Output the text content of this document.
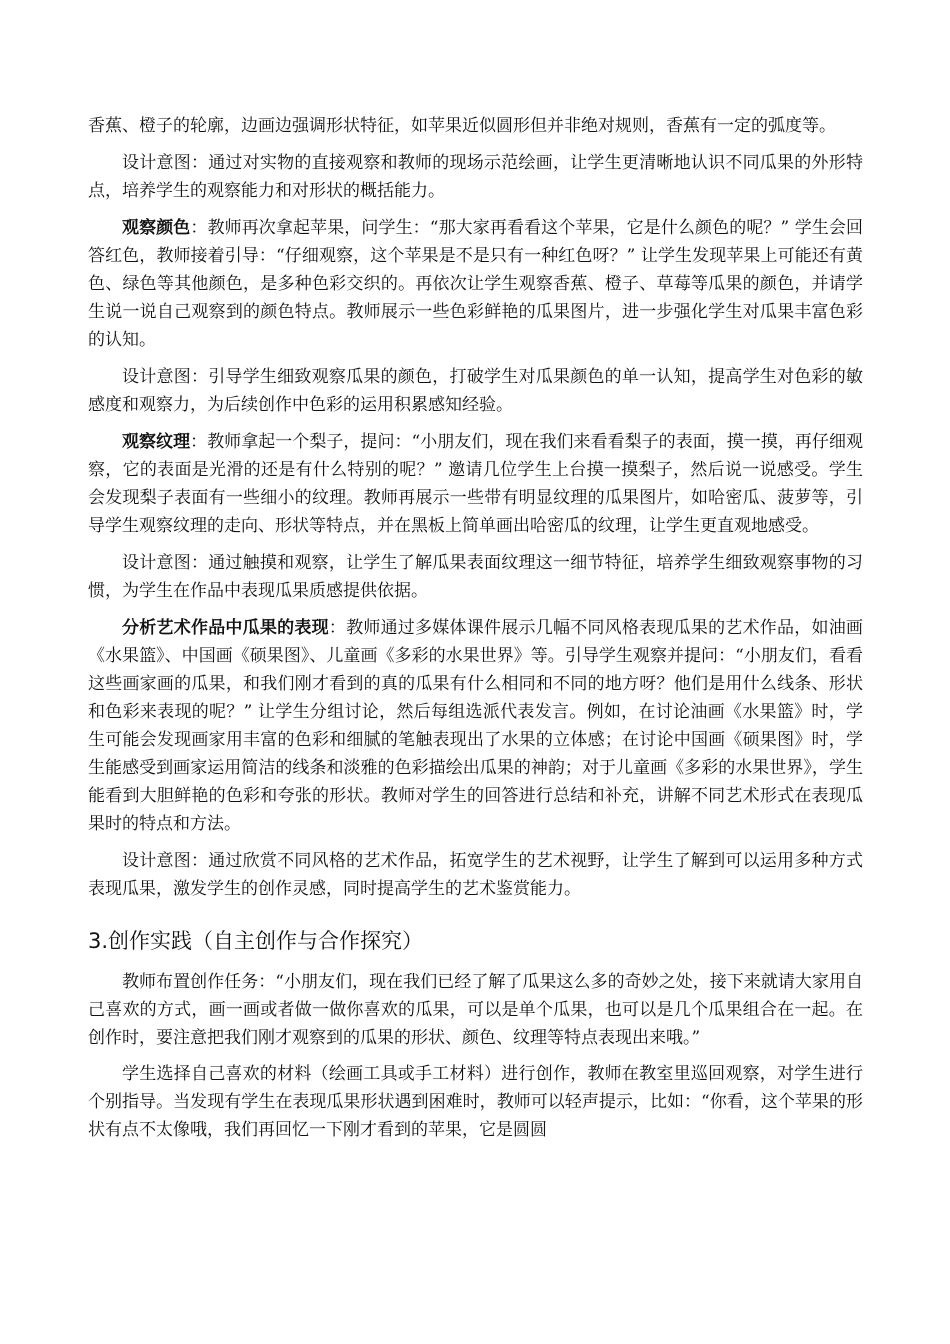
香蕉、橙子的轮廓，边画边强调形状特征，如苹果近似圆形但并非绝对规则，香蕉有一定的弧度等。

设计意图：通过对实物的直接观察和教师的现场示范绘画，让学生更清晰地认识不同瓜果的外形特点，培养学生的观察能力和对形状的概括能力。

观察颜色：教师再次拿起苹果，问学生：“那大家再看看这个苹果，它是什么颜色的呢？” 学生会回答红色，教师接着引导：“仔细观察，这个苹果是不是只有一种红色呀？” 让学生发现苹果上可能还有黄色、绿色等其他颜色，是多种色彩交织的。再依次让学生观察香蕉、橙子、草莓等瓜果的颜色，并请学生说一说自己观察到的颜色特点。教师展示一些色彩鲜艳的瓜果图片，进一步强化学生对瓜果丰富色彩的认知。

设计意图：引导学生细致观察瓜果的颜色，打破学生对瓜果颜色的单一认知，提高学生对色彩的敏感度和观察力，为后续创作中色彩的运用积累感知经验。

观察纹理：教师拿起一个梨子，提问：“小朋友们，现在我们来看看梨子的表面，摸一摸，再仔细观察，它的表面是光滑的还是有什么特别的呢？” 邀请几位学生上台摸一摸梨子，然后说一说感受。学生会发现梨子表面有一些细小的纹理。教师再展示一些带有明显纹理的瓜果图片，如哈密瓜、菠萝等，引导学生观察纹理的走向、形状等特点，并在黑板上简单画出哈密瓜的纹理，让学生更直观地感受。

设计意图：通过触摸和观察，让学生了解瓜果表面纹理这一细节特征，培养学生细致观察事物的习惯，为学生在作品中表现瓜果质感提供依据。

分析艺术作品中瓜果的表现：教师通过多媒体课件展示几幅不同风格表现瓜果的艺术作品，如油画《水果篮》、中国画《硕果图》、儿童画《多彩的水果世界》等。引导学生观察并提问：“小朋友们，看看这些画家画的瓜果，和我们刚才看到的真的瓜果有什么相同和不同的地方呀？他们是用什么线条、形状和色彩来表现的呢？” 让学生分组讨论，然后每组选派代表发言。例如，在讨论油画《水果篮》时，学生可能会发现画家用丰富的色彩和细腻的笔触表现出了水果的立体感；在讨论中国画《硕果图》时，学生能感受到画家运用简洁的线条和淡雅的色彩描绘出瓜果的神韵；对于儿童画《多彩的水果世界》，学生能看到大胆鲜艳的色彩和夸张的形状。教师对学生的回答进行总结和补充，讲解不同艺术形式在表现瓜果时的特点和方法。

设计意图：通过欣赏不同风格的艺术作品，拓宽学生的艺术视野，让学生了解到可以运用多种方式表现瓜果，激发学生的创作灵感，同时提高学生的艺术鉴赏能力。

3.创作实践（自主创作与合作探究）

教师布置创作任务：“小朋友们，现在我们已经了解了瓜果这么多的奇妙之处，接下来就请大家用自己喜欢的方式，画一画或者做一做你喜欢的瓜果，可以是单个瓜果，也可以是几个瓜果组合在一起。在创作时，要注意把我们刚才观察到的瓜果的形状、颜色、纹理等特点表现出来哦。”

学生选择自己喜欢的材料（绘画工具或手工材料）进行创作，教师在教室里巡回观察，对学生进行个别指导。当发现有学生在表现瓜果形状遇到困难时，教师可以轻声提示，比如：“你看，这个苹果的形状有点不太像哦，我们再回忆一下刚才看到的苹果，它是圆圆
